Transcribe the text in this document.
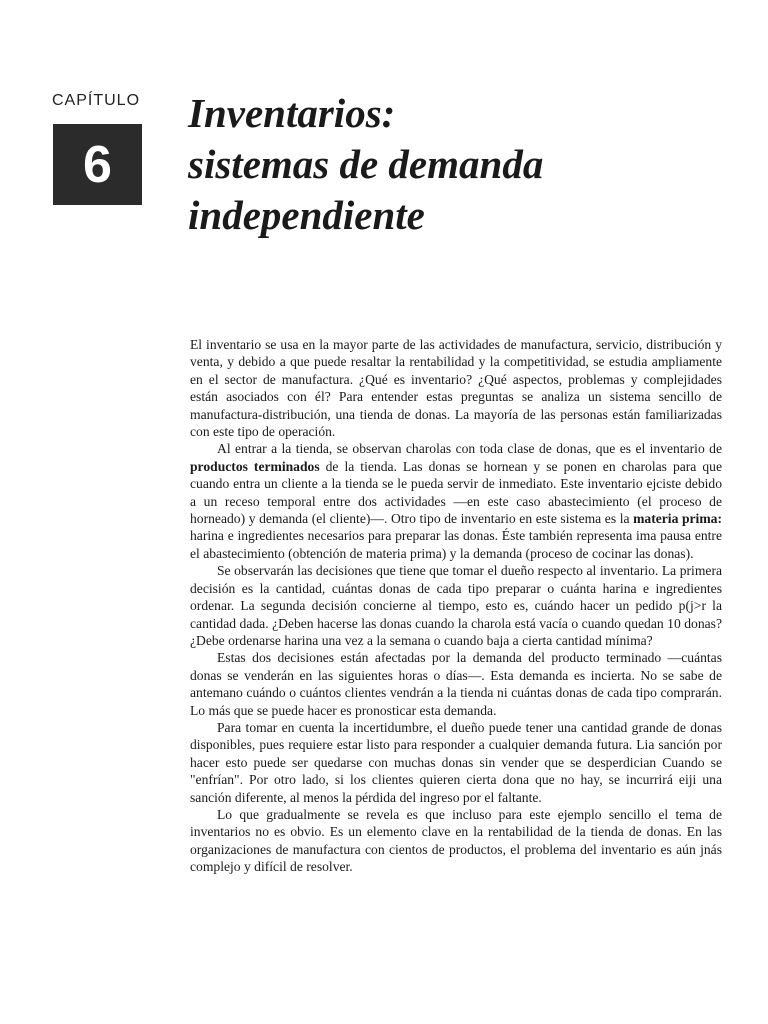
CAPÍTULO
6
Inventarios:
sistemas de demanda
independiente

El inventario se usa en la mayor parte de las actividades de manufactura, servicio, distribución y venta, y debido a que puede resaltar la rentabilidad y la competitividad, se estudia ampliamente en el sector de manufactura. ¿Qué es inventario? ¿Qué aspectos, problemas y complejidades están asociados con él? Para entender estas preguntas se analiza un sistema sencillo de manufactura-distribución, una tienda de donas. La mayoría de las personas están familiarizadas con este tipo de operación.

Al entrar a la tienda, se observan charolas con toda clase de donas, que es el inventario de productos terminados de la tienda. Las donas se hornean y se ponen en charolas para que cuando entra un cliente a la tienda se le pueda servir de inmediato. Este inventario ejciste debido a un receso temporal entre dos actividades —en este caso abastecimiento (el proceso de horneado) y demanda (el cliente)—. Otro tipo de inventario en este sistema es la materia prima: harina e ingredientes necesarios para preparar las donas. Éste también representa ima pausa entre el abastecimiento (obtención de materia prima) y la demanda (proceso de cocinar las donas).

Se observarán las decisiones que tiene que tomar el dueño respecto al inventario. La primera decisión es la cantidad, cuántas donas de cada tipo preparar o cuánta harina e ingredientes ordenar. La segunda decisión concierne al tiempo, esto es, cuándo hacer un pedido p(j>r la cantidad dada. ¿Deben hacerse las donas cuando la charola está vacía o cuando quedan 10 donas? ¿Debe ordenarse harina una vez a la semana o cuando baja a cierta cantidad mínima?

Estas dos decisiones están afectadas por la demanda del producto terminado —cuántas donas se venderán en las siguientes horas o días—. Esta demanda es incierta. No se sabe de antemano cuándo o cuántos clientes vendrán a la tienda ni cuántas donas de cada tipo comprarán. Lo más que se puede hacer es pronosticar esta demanda.

Para tomar en cuenta la incertidumbre, el dueño puede tener una cantidad grande de donas disponibles, pues requiere estar listo para responder a cualquier demanda futura. Lia sanción por hacer esto puede ser quedarse con muchas donas sin vender que se desperdician Cuando se "enfrían". Por otro lado, si los clientes quieren cierta dona que no hay, se incurrirá eiji una sanción diferente, al menos la pérdida del ingreso por el faltante.

Lo que gradualmente se revela es que incluso para este ejemplo sencillo el tema de inventarios no es obvio. Es un elemento clave en la rentabilidad de la tienda de donas. En las organizaciones de manufactura con cientos de productos, el problema del inventario es aún jnás complejo y difícil de resolver.
